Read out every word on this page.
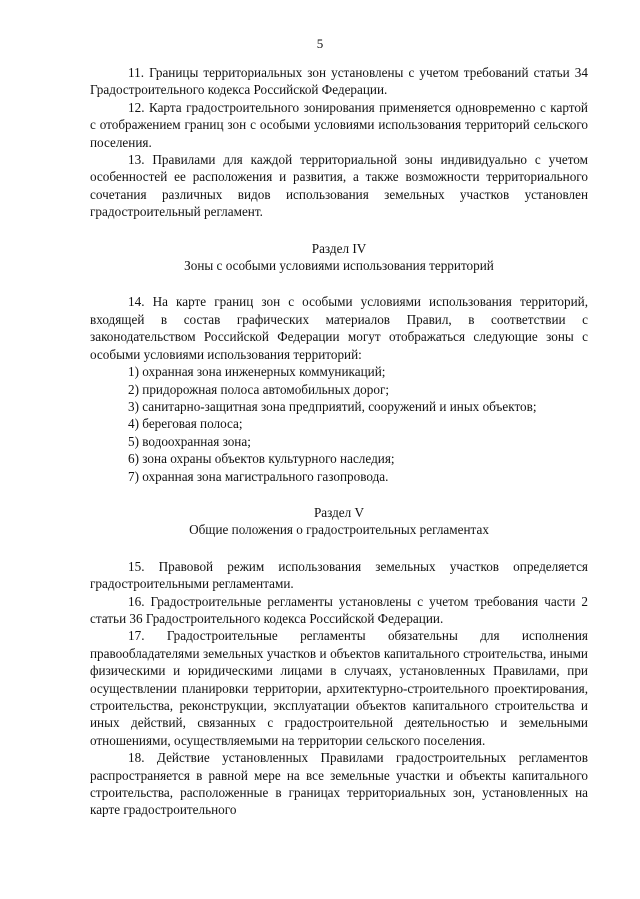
5

11. Границы территориальных зон установлены с учетом требований статьи 34 Градостроительного кодекса Российской Федерации.

12. Карта градостроительного зонирования применяется одновременно с картой с отображением границ зон с особыми условиями использования территорий сельского поселения.

13. Правилами для каждой территориальной зоны индивидуально с учетом особенностей ее расположения и развития, а также возможности территориального сочетания различных видов использования земельных участков установлен градостроительный регламент.

Раздел IV

Зоны с особыми условиями использования территорий

14. На карте границ зон с особыми условиями использования территорий, входящей в состав графических материалов Правил, в соответствии с законодательством Российской Федерации могут отображаться следующие зоны с особыми условиями использования территорий:

1) охранная зона инженерных коммуникаций;
2) придорожная полоса автомобильных дорог;
3) санитарно-защитная зона предприятий, сооружений и иных объектов;
4) береговая полоса;
5) водоохранная зона;
6) зона охраны объектов культурного наследия;
7) охранная зона магистрального газопровода.

Раздел V

Общие положения о градостроительных регламентах

15. Правовой режим использования земельных участков определяется градостроительными регламентами.

16. Градостроительные регламенты установлены с учетом требования части 2 статьи 36 Градостроительного кодекса Российской Федерации.

17. Градостроительные регламенты обязательны для исполнения правообладателями земельных участков и объектов капитального строительства, иными физическими и юридическими лицами в случаях, установленных Правилами, при осуществлении планировки территории, архитектурно-строительного проектирования, строительства, реконструкции, эксплуатации объектов капитального строительства и иных действий, связанных с градостроительной деятельностью и земельными отношениями, осуществляемыми на территории сельского поселения.

18. Действие установленных Правилами градостроительных регламентов распространяется в равной мере на все земельные участки и объекты капитального строительства, расположенные в границах территориальных зон, установленных на карте градостроительного
